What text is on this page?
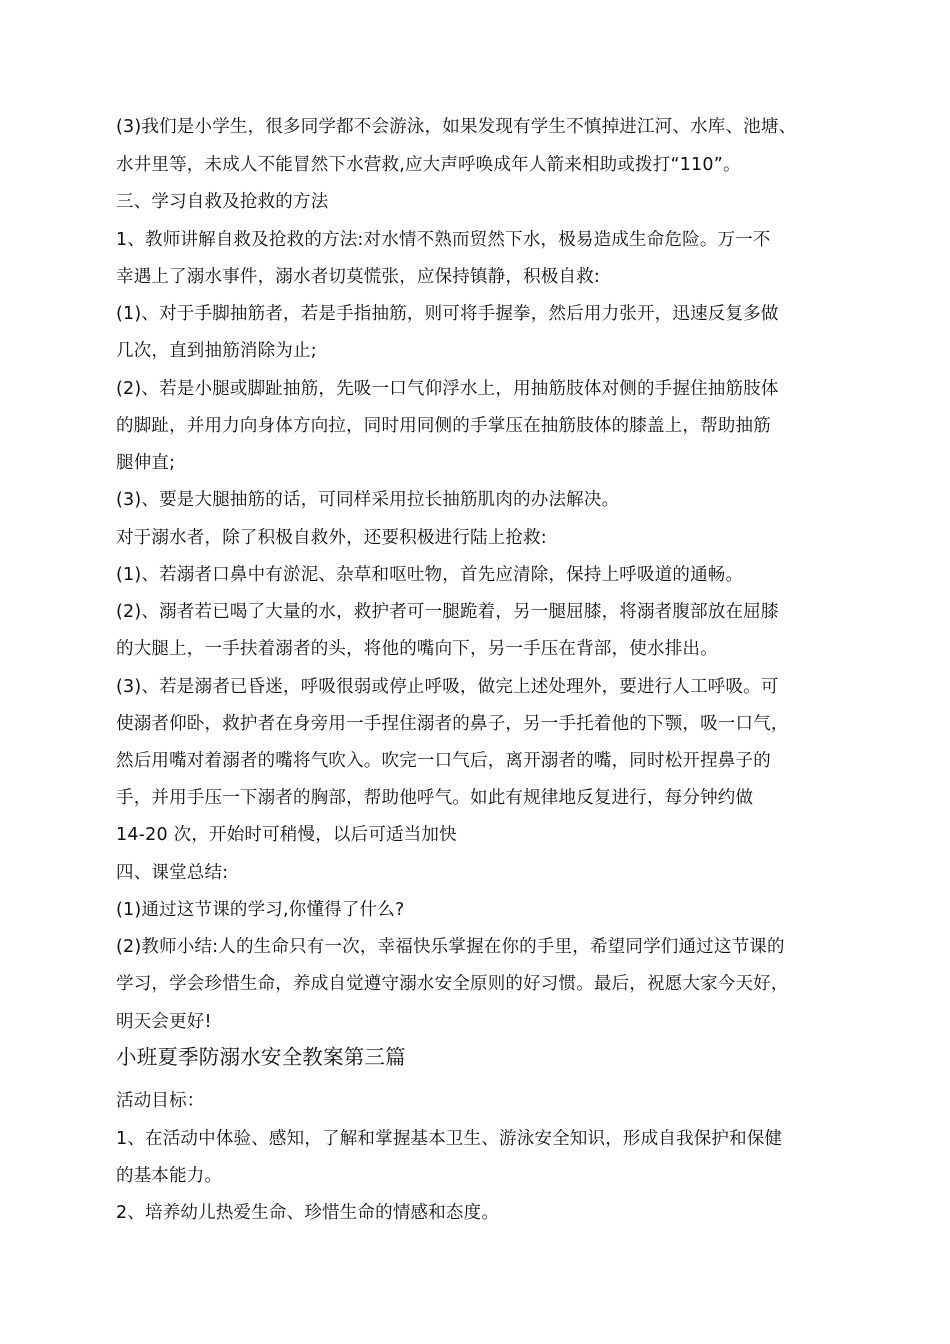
(3)我们是小学生，很多同学都不会游泳，如果发现有学生不慎掉进江河、水库、池塘、
水井里等，未成人不能冒然下水营救,应大声呼唤成年人箭来相助或拨打“110”。
三、学习自救及抢救的方法
1、教师讲解自救及抢救的方法:对水情不熟而贸然下水，极易造成生命危险。万一不
幸遇上了溺水事件，溺水者切莫慌张，应保持镇静，积极自救:
(1)、对于手脚抽筋者，若是手指抽筋，则可将手握拳，然后用力张开，迅速反复多做
几次，直到抽筋消除为止;
(2)、若是小腿或脚趾抽筋，先吸一口气仰浮水上，用抽筋肢体对侧的手握住抽筋肢体
的脚趾，并用力向身体方向拉，同时用同侧的手掌压在抽筋肢体的膝盖上，帮助抽筋
腿伸直;
(3)、要是大腿抽筋的话，可同样采用拉长抽筋肌肉的办法解决。
对于溺水者，除了积极自救外，还要积极进行陆上抢救:
(1)、若溺者口鼻中有淤泥、杂草和呕吐物，首先应清除，保持上呼吸道的通畅。
(2)、溺者若已喝了大量的水，救护者可一腿跪着，另一腿屈膝，将溺者腹部放在屈膝
的大腿上，一手扶着溺者的头，将他的嘴向下，另一手压在背部，使水排出。
(3)、若是溺者已昏迷，呼吸很弱或停止呼吸，做完上述处理外，要进行人工呼吸。可
使溺者仰卧，救护者在身旁用一手捏住溺者的鼻子，另一手托着他的下颚，吸一口气，
然后用嘴对着溺者的嘴将气吹入。吹完一口气后，离开溺者的嘴，同时松开捏鼻子的
手，并用手压一下溺者的胸部，帮助他呼气。如此有规律地反复进行，每分钟约做
14-20 次，开始时可稍慢，以后可适当加快
四、课堂总结:
(1)通过这节课的学习,你懂得了什么?
(2)教师小结:人的生命只有一次，幸福快乐掌握在你的手里，希望同学们通过这节课的
学习，学会珍惜生命，养成自觉遵守溺水安全原则的好习惯。最后，祝愿大家今天好，
明天会更好!
小班夏季防溺水安全教案第三篇
活动目标：
1、在活动中体验、感知，了解和掌握基本卫生、游泳安全知识，形成自我保护和保健
的基本能力。
2、培养幼儿热爱生命、珍惜生命的情感和态度。
